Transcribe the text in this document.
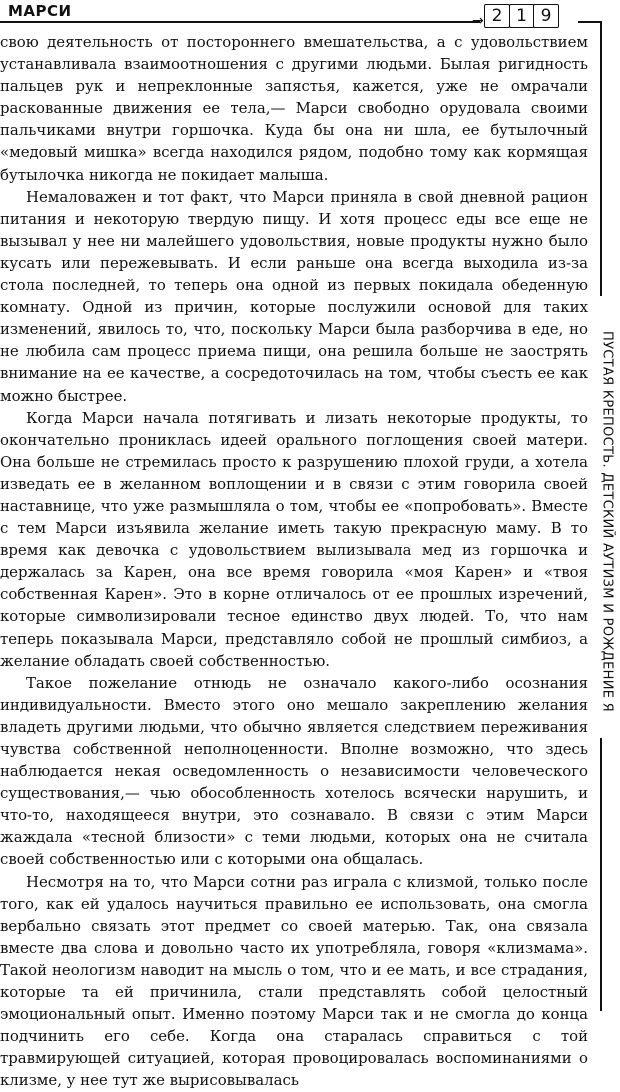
МАРСИ
→ 2 1 9
ПУСТАЯ КРЕПОСТЬ. ДЕТСКИЙ АУТИЗМ И РОЖДЕНИЕ Я

свою деятельность от постороннего вмешательства, а с удовольствием устанавливала взаимоотношения с другими людьми. Былая ригидность пальцев рук и непреклонные запястья, кажется, уже не омрачали раскованные движения ее тела,— Марси свободно орудовала своими пальчиками внутри горшочка. Куда бы она ни шла, ее бутылочный «медовый мишка» всегда находился рядом, подобно тому как кормящая бутылочка никогда не покидает малыша.

Немаловажен и тот факт, что Марси приняла в свой дневной рацион питания и некоторую твердую пищу. И хотя процесс еды все еще не вызывал у нее ни малейшего удовольствия, новые продукты нужно было кусать или пережевывать. И если раньше она всегда выходила из-за стола последней, то теперь она одной из первых покидала обеденную комнату. Одной из причин, которые послужили основой для таких изменений, явилось то, что, поскольку Марси была разборчива в еде, но не любила сам процесс приема пищи, она решила больше не заострять внимание на ее качестве, а сосредоточилась на том, чтобы съесть ее как можно быстрее.

Когда Марси начала потягивать и лизать некоторые продукты, то окончательно прониклась идеей орального поглощения своей матери. Она больше не стремилась просто к разрушению плохой груди, а хотела изведать ее в желанном воплощении и в связи с этим говорила своей наставнице, что уже размышляла о том, чтобы ее «попробовать». Вместе с тем Марси изъявила желание иметь такую прекрасную маму. В то время как девочка с удовольствием вылизывала мед из горшочка и держалась за Карен, она все время говорила «моя Карен» и «твоя собственная Карен». Это в корне отличалось от ее прошлых изречений, которые символизировали тесное единство двух людей. То, что нам теперь показывала Марси, представляло собой не прошлый симбиоз, а желание обладать своей собственностью.

Такое пожелание отнюдь не означало какого-либо осознания индивидуальности. Вместо этого оно мешало закреплению желания владеть другими людьми, что обычно является следствием переживания чувства собственной неполноценности. Вполне возможно, что здесь наблюдается некая осведомленность о независимости человеческого существования,— чью обособленность хотелось всячески нарушить, и что-то, находящееся внутри, это сознавало. В связи с этим Марси жаждала «тесной близости» с теми людьми, которых она не считала своей собственностью или с которыми она общалась.

Несмотря на то, что Марси сотни раз играла с клизмой, только после того, как ей удалось научиться правильно ее использовать, она смогла вербально связать этот предмет со своей матерью. Так, она связала вместе два слова и довольно часто их употребляла, говоря «клизмама». Такой неологизм наводит на мысль о том, что и ее мать, и все страдания, которые та ей причинила, стали представлять собой целостный эмоциональный опыт. Именно поэтому Марси так и не смогла до конца подчинить его себе. Когда она старалась справиться с той травмирующей ситуацией, которая провоцировалась воспоминаниями о клизме, у нее тут же вырисовывалась
